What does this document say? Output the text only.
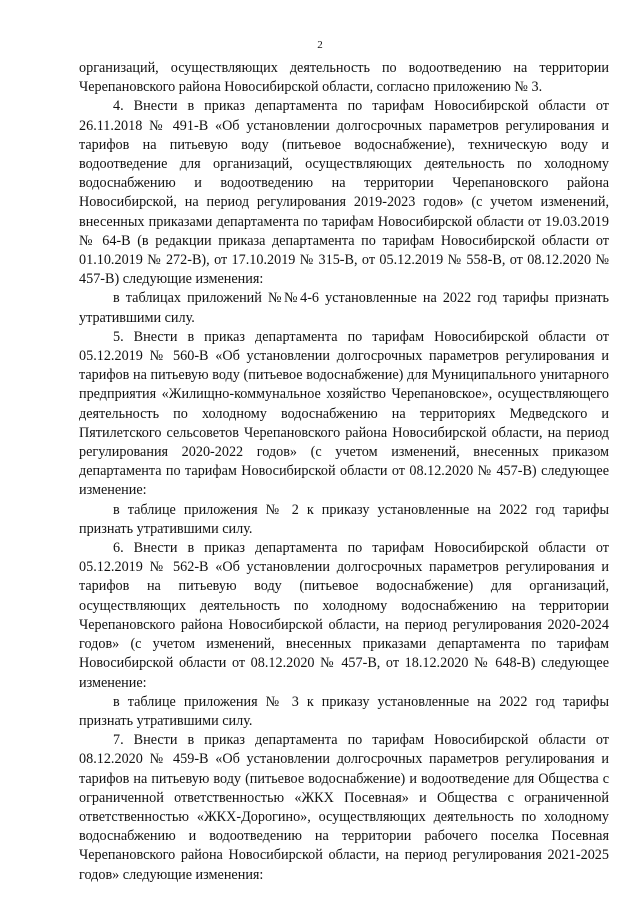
2

организаций, осуществляющих деятельность по водоотведению на территории Черепановского района Новосибирской области, согласно приложению № 3.

4. Внести в приказ департамента по тарифам Новосибирской области от 26.11.2018 № 491-В «Об установлении долгосрочных параметров регулирования и тарифов на питьевую воду (питьевое водоснабжение), техническую воду и водоотведение для организаций, осуществляющих деятельность по холодному водоснабжению и водоотведению на территории Черепановского района Новосибирской, на период регулирования 2019-2023 годов» (с учетом изменений, внесенных приказами департамента по тарифам Новосибирской области от 19.03.2019 № 64-В (в редакции приказа департамента по тарифам Новосибирской области от 01.10.2019 № 272-В), от 17.10.2019 № 315-В, от 05.12.2019 № 558-В, от 08.12.2020 № 457-В) следующие изменения:

в таблицах приложений №№4-6 установленные на 2022 год тарифы признать утратившими силу.

5. Внести в приказ департамента по тарифам Новосибирской области от 05.12.2019 № 560-В «Об установлении долгосрочных параметров регулирования и тарифов на питьевую воду (питьевое водоснабжение) для Муниципального унитарного предприятия «Жилищно-коммунальное хозяйство Черепановское», осуществляющего деятельность по холодному водоснабжению на территориях Медведского и Пятилетского сельсоветов Черепановского района Новосибирской области, на период регулирования 2020-2022 годов» (с учетом изменений, внесенных приказом департамента по тарифам Новосибирской области от 08.12.2020 № 457-В) следующее изменение:

в таблице приложения № 2 к приказу установленные на 2022 год тарифы признать утратившими силу.

6. Внести в приказ департамента по тарифам Новосибирской области от 05.12.2019 № 562-В «Об установлении долгосрочных параметров регулирования и тарифов на питьевую воду (питьевое водоснабжение) для организаций, осуществляющих деятельность по холодному водоснабжению на территории Черепановского района Новосибирской области, на период регулирования 2020-2024 годов» (с учетом изменений, внесенных приказами департамента по тарифам Новосибирской области от 08.12.2020 № 457-В, от 18.12.2020 № 648-В) следующее изменение:

в таблице приложения № 3 к приказу установленные на 2022 год тарифы признать утратившими силу.

7. Внести в приказ департамента по тарифам Новосибирской области от 08.12.2020 № 459-В «Об установлении долгосрочных параметров регулирования и тарифов на питьевую воду (питьевое водоснабжение) и водоотведение для Общества с ограниченной ответственностью «ЖКХ Посевная» и Общества с ограниченной ответственностью «ЖКХ-Дорогино», осуществляющих деятельность по холодному водоснабжению и водоотведению на территории рабочего поселка Посевная Черепановского района Новосибирской области, на период регулирования 2021-2025 годов» следующие изменения:
